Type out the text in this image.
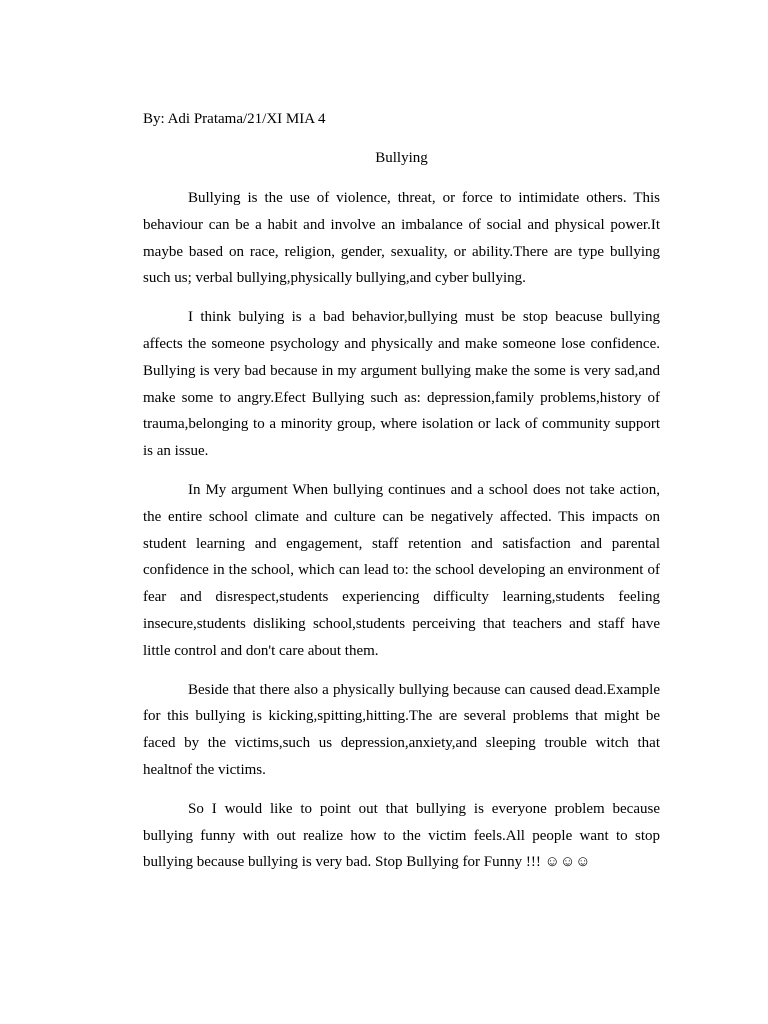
By: Adi Pratama/21/XI MIA 4

Bullying

Bullying is the use of violence, threat, or force to intimidate others. This behaviour can be a habit and involve an imbalance of social and physical power.It maybe based on race, religion, gender, sexuality, or ability.There are type bullying such us; verbal bullying,physically bullying,and cyber bullying.

I think bulying is a bad behavior,bullying must be stop beacuse bullying affects the someone psychology and physically and make someone lose confidence. Bullying is very bad because in my argument bullying make the some is very sad,and make some to angry.Efect Bullying such as: depression,family problems,history of trauma,belonging to a minority group, where isolation or lack of community support is an issue.

In My argument When bullying continues and a school does not take action, the entire school climate and culture can be negatively affected. This impacts on student learning and engagement, staff retention and satisfaction and parental confidence in the school, which can lead to: the school developing an environment of fear and disrespect,students experiencing difficulty learning,students feeling insecure,students disliking school,students perceiving that teachers and staff have little control and don't care about them.

Beside that there also a physically bullying because can caused dead.Example for this bullying is kicking,spitting,hitting.The are several problems that might be faced by the victims,such us depression,anxiety,and sleeping trouble witch that healtnof the victims.

So I would like to point out that bullying is everyone problem because bullying funny with out realize how to the victim feels.All people want to stop bullying because bullying is very bad. Stop Bullying for Funny !!! ☺☺☺
